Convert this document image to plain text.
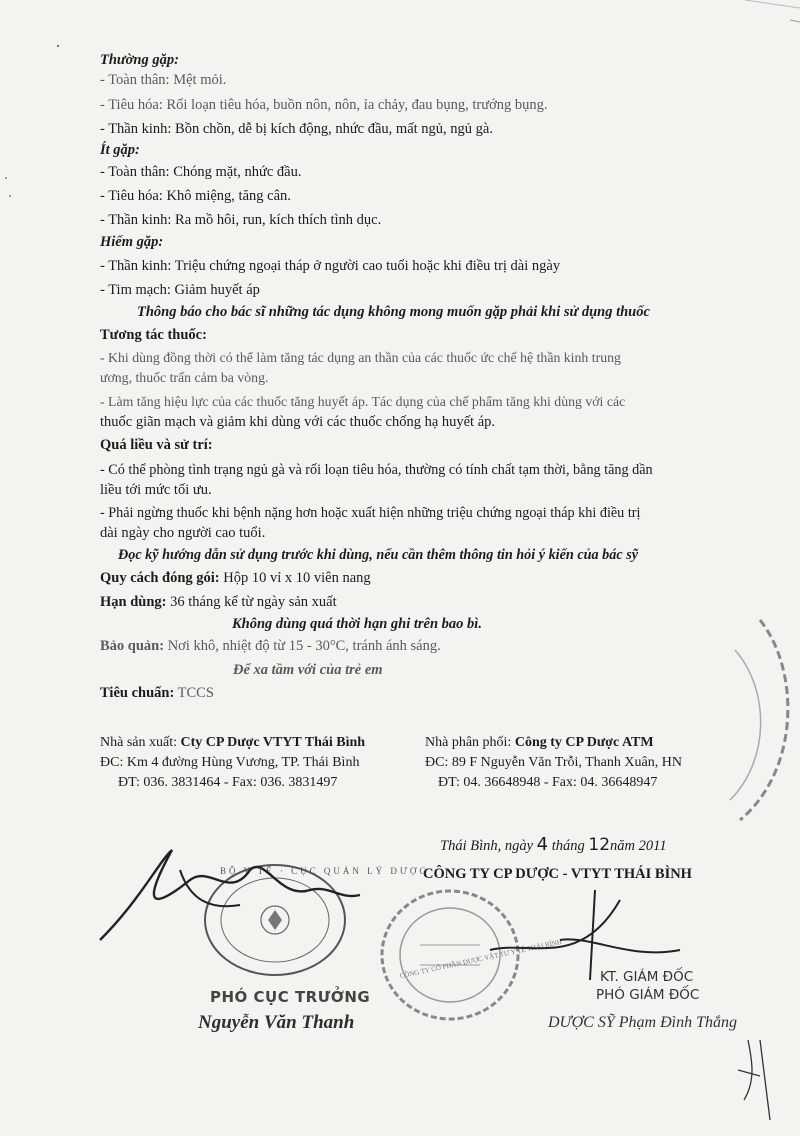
Thường gặp:
- Toàn thân: Mệt mỏi.
- Tiêu hóa: Rối loạn tiêu hóa, buồn nôn, nôn, ỉa chảy, đau bụng, trướng bụng.
- Thần kinh: Bồn chồn, dễ bị kích động, nhức đầu, mất ngủ, ngủ gà.
Ít gặp:
- Toàn thân: Chóng mặt, nhức đầu.
- Tiêu hóa: Khô miệng, tăng cân.
- Thần kinh: Ra mồ hôi, run, kích thích tình dục.
Hiếm gặp:
- Thần kinh: Triệu chứng ngoại tháp ở người cao tuổi hoặc khi điều trị dài ngày
- Tim mạch: Giảm huyết áp
Thông báo cho bác sĩ những tác dụng không mong muốn gặp phải khi sử dụng thuốc
Tương tác thuốc:
- Khi dùng đồng thời có thể làm tăng tác dụng an thần của các thuốc ức chế hệ thần kinh trung
ương, thuốc trấn cảm ba vòng.
- Làm tăng hiệu lực của các thuốc tăng huyết áp. Tác dụng của chế phẩm tăng khi dùng với các
thuốc giãn mạch và giảm khi dùng với các thuốc chống hạ huyết áp.
Quá liều và sử trí:
- Có thể phòng tình trạng ngủ gà và rối loạn tiêu hóa, thường có tính chất tạm thời, bằng tăng dần
liều tới mức tối ưu.
- Phải ngừng thuốc khi bệnh nặng hơn hoặc xuất hiện những triệu chứng ngoại tháp khi điều trị
dài ngày cho người cao tuổi.
Đọc kỹ hướng dẫn sử dụng trước khi dùng, nếu cần thêm thông tin hỏi ý kiến của bác sỹ
Quy cách đóng gói: Hộp 10 vỉ x 10 viên nang
Hạn dùng: 36 tháng kể từ ngày sản xuất
Không dùng quá thời hạn ghi trên bao bì.
Bảo quản: Nơi khô, nhiệt độ từ 15 - 30°C, tránh ánh sáng.
Để xa tầm với của trẻ em
Tiêu chuẩn: TCCS
Nhà sản xuất: Cty CP Dược VTYT Thái Bình
ĐC: Km 4 đường Hùng Vương, TP. Thái Bình
ĐT: 036. 3831464 - Fax: 036. 3831497
Nhà phân phối: Công ty CP Dược ATM
ĐC: 89 F Nguyễn Văn Trỗi, Thanh Xuân, HN
ĐT: 04. 36648948 - Fax: 04. 36648947
Thái Bình, ngày 4 tháng 12năm 2011
CÔNG TY CP DƯỢC - VTYT THÁI BÌNH
BỘ Y TẾ · CỤC QUẢN LÝ DƯỢC
PHÓ CỤC TRƯỞNG
Nguyễn Văn Thanh
CÔNG TY CỔ PHẦN DƯỢC VẬT TƯ Y TẾ THÁI BÌNH	KT. GIÁM ĐỐC
PHÓ GIÁM ĐỐC
DƯỢC SỸ Phạm Đình Thắng
